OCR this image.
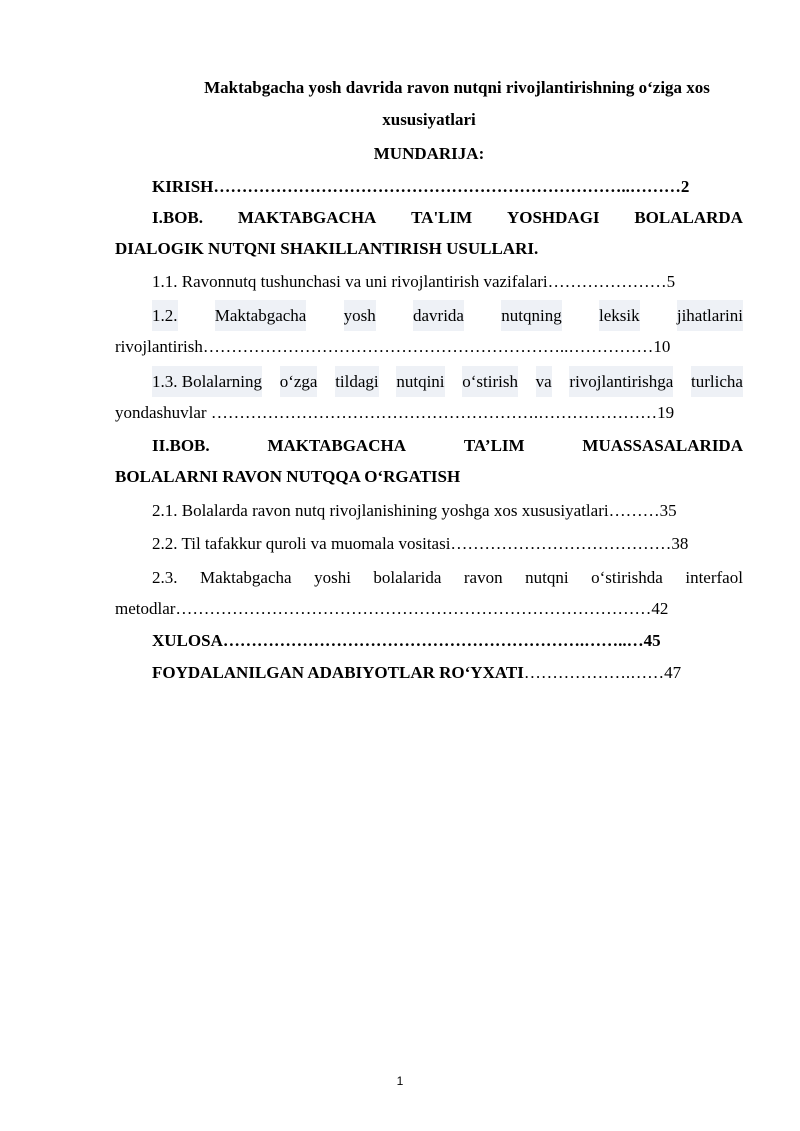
Maktabgacha yosh davrida ravon nutqni rivojlantirishning o‘ziga xos
xususiyatlari
MUNDARIJA:
KIRISH………………………………………………………………..………2
I.BOB. MAKTABGACHA TA'LIM YOSHDAGI BOLALARDA
DIALOGIK NUTQNI SHAKILLANTIRISH USULLARI.
1.1. Ravonnutq tushunchasi va uni rivojlantirish vazifalari…………………5
1.2. Maktabgacha yosh davrida nutqning leksik jihatlarini
rivojlantirish………………………………………………………..……………10
1.3. Bolalarning o‘zga tildagi nutqini o‘stirish va rivojlantirishga turlicha
yondashuvlar ………………………………………………….…………………19
II.BOB.	MAKTABGACHA	TA’LIM	MUASSASALARIDA
BOLALARNI RAVON NUTQQA O‘RGATISH
2.1. Bolalarda ravon nutq rivojlanishining yoshga xos xususiyatlari………35
2.2. Til tafakkur quroli va muomala vositasi…………………………………38
2.3. Maktabgacha yoshi bolalarida ravon nutqni o‘stirishda interfaol
metodlar…………………………………………………………………………42
XULOSA……………………………………………………….……..…45
FOYDALANILGAN ADABIYOTLAR RO‘YXATI……………….……47
1
